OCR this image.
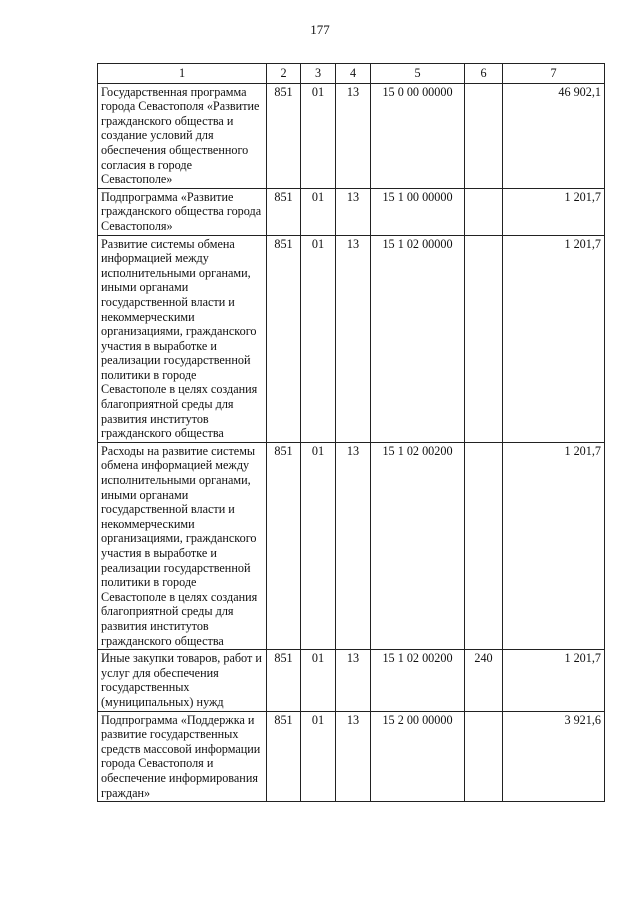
177
1	2	3	4	5	6	7
Государственная программа города Севастополя «Развитие гражданского общества и создание условий для обеспечения общественного согласия в городе Севастополе»	851	01	13	15 0 00 00000		46 902,1
Подпрограмма «Развитие гражданского общества города Севастополя»	851	01	13	15 1 00 00000		1 201,7
Развитие системы обмена информацией между исполнительными органами, иными органами государственной власти и некоммерческими организациями, гражданского участия в выработке и реализации государственной политики в городе Севастополе в целях создания благоприятной среды для развития институтов гражданского общества	851	01	13	15 1 02 00000		1 201,7
Расходы на развитие системы обмена информацией между исполнительными органами, иными органами государственной власти и некоммерческими организациями, гражданского участия в выработке и реализации государственной политики в городе Севастополе в целях создания благоприятной среды для развития институтов гражданского общества	851	01	13	15 1 02 00200		1 201,7
Иные закупки товаров, работ и услуг для обеспечения государственных (муниципальных) нужд	851	01	13	15 1 02 00200	240	1 201,7
Подпрограмма «Поддержка и развитие государственных средств массовой информации города Севастополя и обеспечение информирования граждан»	851	01	13	15 2 00 00000		3 921,6
